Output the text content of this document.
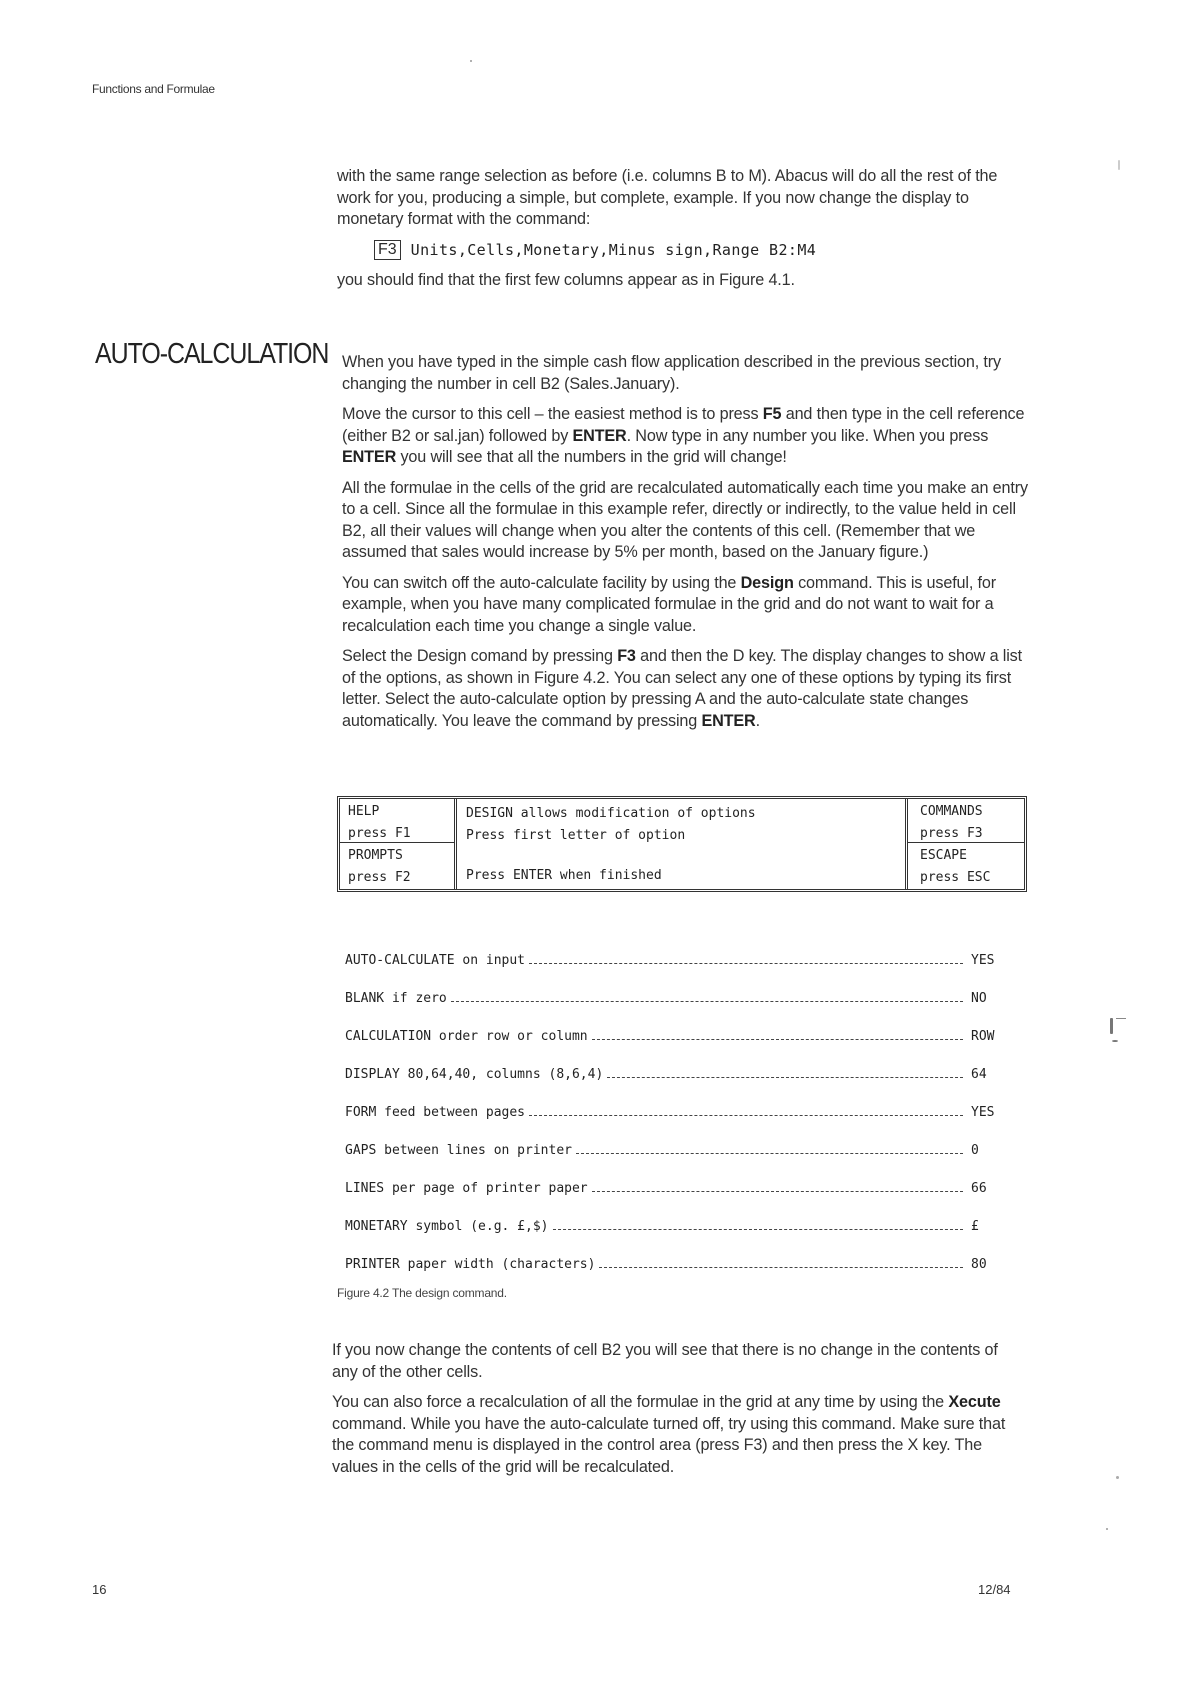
Functions and Formulae

with the same range selection as before (i.e. columns B to M). Abacus will do all the rest of the work for you, producing a simple, but complete, example. If you now change the display to monetary format with the command:

F3 Units,Cells,Monetary,Minus sign,Range B2:M4

you should find that the first few columns appear as in Figure 4.1.

AUTO-CALCULATION When you have typed in the simple cash flow application described in the previous section, try changing the number in cell B2 (Sales.January).

Move the cursor to this cell – the easiest method is to press F5 and then type in the cell reference (either B2 or sal.jan) followed by ENTER. Now type in any number you like. When you press ENTER you will see that all the numbers in the grid will change!

All the formulae in the cells of the grid are recalculated automatically each time you make an entry to a cell. Since all the formulae in this example refer, directly or indirectly, to the value held in cell B2, all their values will change when you alter the contents of this cell. (Remember that we assumed that sales would increase by 5% per month, based on the January figure.)

You can switch off the auto-calculate facility by using the Design command. This is useful, for example, when you have many complicated formulae in the grid and do not want to wait for a recalculation each time you change a single value.

Select the Design comand by pressing F3 and then the D key. The display changes to show a list of the options, as shown in Figure 4.2. You can select any one of these options by typing its first letter. Select the auto-calculate option by pressing A and the auto-calculate state changes automatically. You leave the command by pressing ENTER.

HELP
press F1
PROMPTS
press F2
DESIGN allows modification of options
Press first letter of option
Press ENTER when finished
COMMANDS
press F3
ESCAPE
press ESC
AUTO-CALCULATE on input	YES
BLANK if zero	NO
CALCULATION order row or column	ROW
DISPLAY 80,64,40, columns (8,6,4)	64
FORM feed between pages	YES
GAPS between lines on printer	0
LINES per page of printer paper	66
MONETARY symbol (e.g. £,$)	£
PRINTER paper width (characters)	80
Figure 4.2 The design command.

If you now change the contents of cell B2 you will see that there is no change in the contents of any of the other cells.

You can also force a recalculation of all the formulae in the grid at any time by using the Xecute command. While you have the auto-calculate turned off, try using this command. Make sure that the command menu is displayed in the control area (press F3) and then press the X key. The values in the cells of the grid will be recalculated.

16	12/84
